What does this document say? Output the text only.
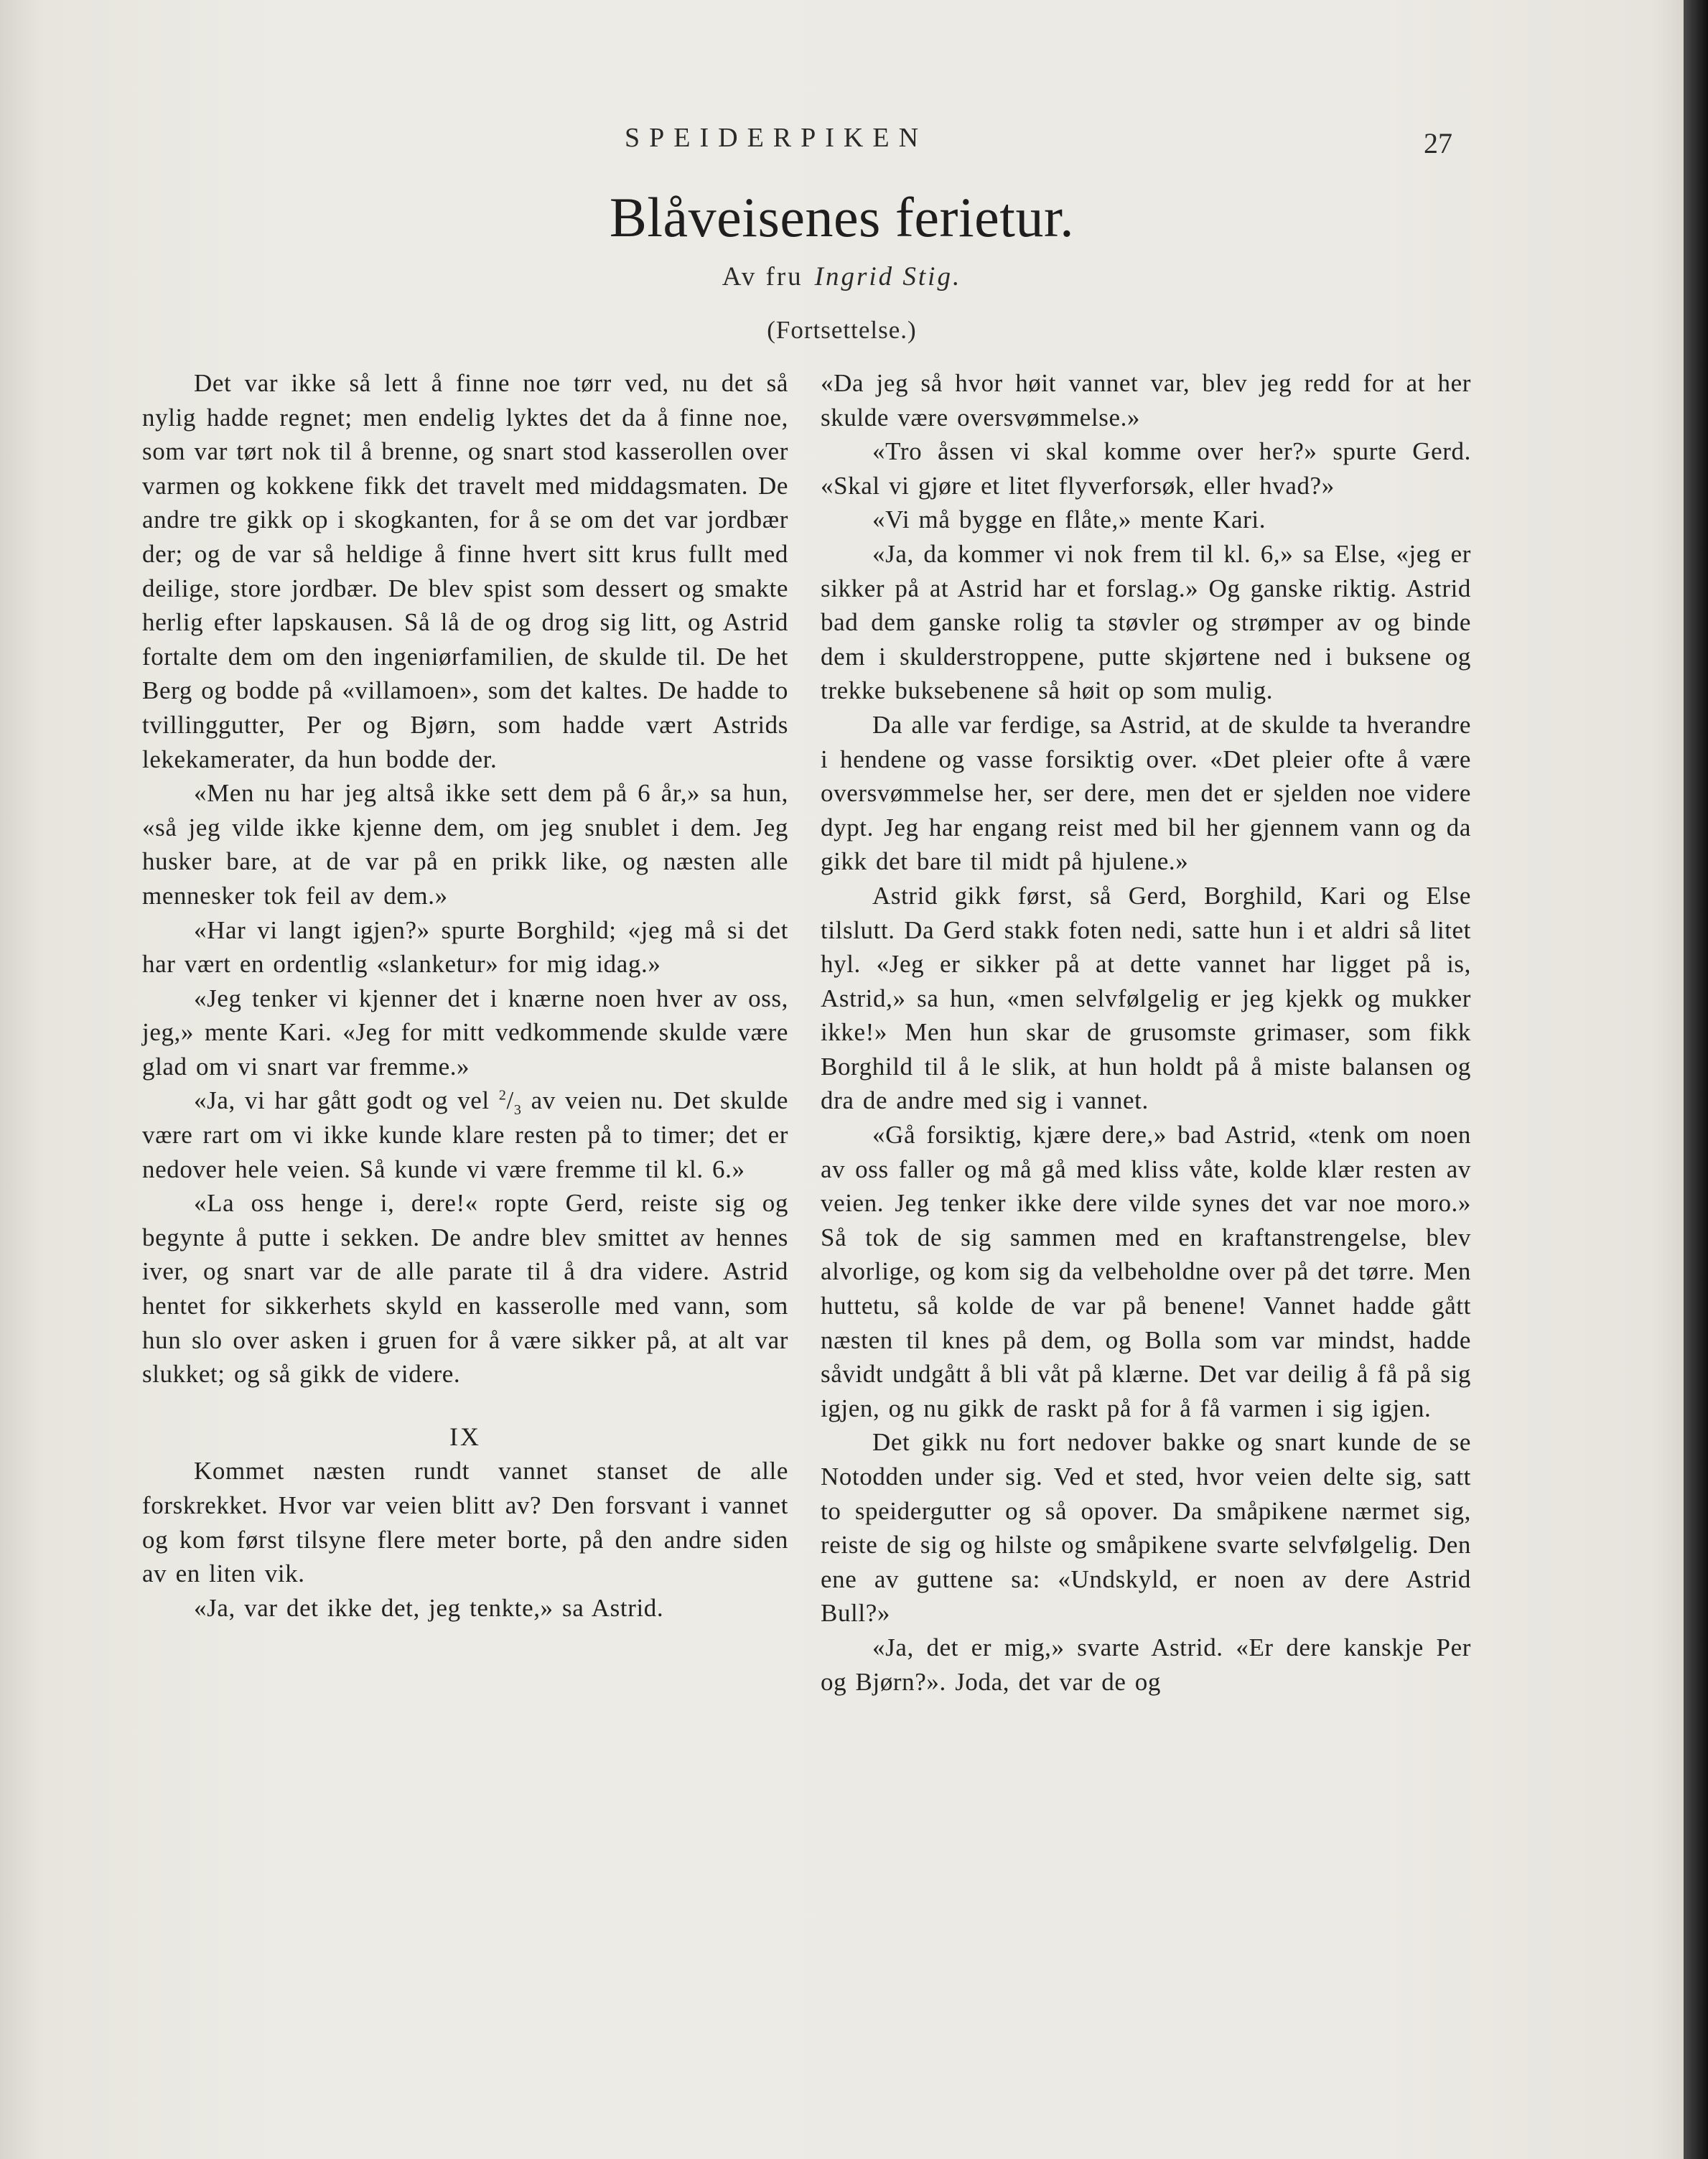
SPEIDERPIKEN	27
Blåveisenes ferietur.
Av fru Ingrid Stig.
(Fortsettelse.)

Det var ikke så lett å finne noe tørr ved, nu det så nylig hadde regnet; men endelig lyktes det da å finne noe, som var tørt nok til å brenne, og snart stod kasserollen over varmen og kokkene fikk det travelt med middagsmaten. De andre tre gikk op i skogkanten, for å se om det var jordbær der; og de var så heldige å finne hvert sitt krus fullt med deilige, store jordbær. De blev spist som dessert og smakte herlig efter lapskausen. Så lå de og drog sig litt, og Astrid fortalte dem om den ingeniørfamilien, de skulde til. De het Berg og bodde på «villamoen», som det kaltes. De hadde to tvillinggutter, Per og Bjørn, som hadde vært Astrids lekekamerater, da hun bodde der.

«Men nu har jeg altså ikke sett dem på 6 år,» sa hun, «så jeg vilde ikke kjenne dem, om jeg snublet i dem. Jeg husker bare, at de var på en prikk like, og næsten alle mennesker tok feil av dem.»

«Har vi langt igjen?» spurte Borghild; «jeg må si det har vært en ordentlig «slanketur» for mig idag.»

«Jeg tenker vi kjenner det i knærne noen hver av oss, jeg,» mente Kari. «Jeg for mitt vedkommende skulde være glad om vi snart var fremme.»

«Ja, vi har gått godt og vel $^2/_3$ av veien nu. Det skulde være rart om vi ikke kunde klare resten på to timer; det er nedover hele veien. Så kunde vi være fremme til kl. 6.»

«La oss henge i, dere!« ropte Gerd, reiste sig og begynte å putte i sekken. De andre blev smittet av hennes iver, og snart var de alle parate til å dra videre. Astrid hentet for sikkerhets skyld en kasserolle med vann, som hun slo over asken i gruen for å være sikker på, at alt var slukket; og så gikk de videre.

IX

Kommet næsten rundt vannet stanset de alle forskrekket. Hvor var veien blitt av? Den forsvant i vannet og kom først tilsyne flere meter borte, på den andre siden av en liten vik.

«Ja, var det ikke det, jeg tenkte,» sa Astrid.

«Da jeg så hvor høit vannet var, blev jeg redd for at her skulde være oversvømmelse.»

«Tro åssen vi skal komme over her?» spurte Gerd. «Skal vi gjøre et litet flyverforsøk, eller hvad?»

«Vi må bygge en flåte,» mente Kari.

«Ja, da kommer vi nok frem til kl. 6,» sa Else, «jeg er sikker på at Astrid har et forslag.» Og ganske riktig. Astrid bad dem ganske rolig ta støvler og strømper av og binde dem i skulderstroppene, putte skjørtene ned i buksene og trekke buksebenene så høit op som mulig.

Da alle var ferdige, sa Astrid, at de skulde ta hverandre i hendene og vasse forsiktig over. «Det pleier ofte å være oversvømmelse her, ser dere, men det er sjelden noe videre dypt. Jeg har engang reist med bil her gjennem vann og da gikk det bare til midt på hjulene.»

Astrid gikk først, så Gerd, Borghild, Kari og Else tilslutt. Da Gerd stakk foten nedi, satte hun i et aldri så litet hyl. «Jeg er sikker på at dette vannet har ligget på is, Astrid,» sa hun, «men selvfølgelig er jeg kjekk og mukker ikke!» Men hun skar de grusomste grimaser, som fikk Borghild til å le slik, at hun holdt på å miste balansen og dra de andre med sig i vannet.

«Gå forsiktig, kjære dere,» bad Astrid, «tenk om noen av oss faller og må gå med kliss våte, kolde klær resten av veien. Jeg tenker ikke dere vilde synes det var noe moro.» Så tok de sig sammen med en kraftanstrengelse, blev alvorlige, og kom sig da velbeholdne over på det tørre. Men huttetu, så kolde de var på benene! Vannet hadde gått næsten til knes på dem, og Bolla som var mindst, hadde såvidt undgått å bli våt på klærne. Det var deilig å få på sig igjen, og nu gikk de raskt på for å få varmen i sig igjen.

Det gikk nu fort nedover bakke og snart kunde de se Notodden under sig. Ved et sted, hvor veien delte sig, satt to speidergutter og så opover. Da småpikene nærmet sig, reiste de sig og hilste og småpikene svarte selvfølgelig. Den ene av guttene sa: «Undskyld, er noen av dere Astrid Bull?»

«Ja, det er mig,» svarte Astrid. «Er dere kanskje Per og Bjørn?». Joda, det var de og
